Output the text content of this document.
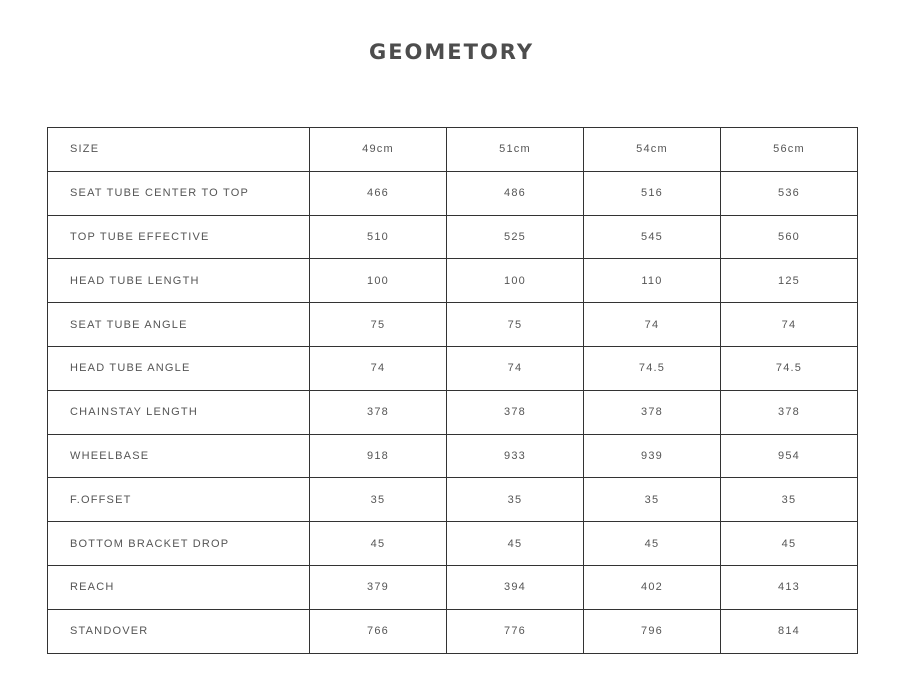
GEOMETORY
SIZE	49cm	51cm	54cm	56cm
SEAT TUBE CENTER TO TOP	466	486	516	536
TOP TUBE EFFECTIVE	510	525	545	560
HEAD TUBE LENGTH	100	100	110	125
SEAT TUBE ANGLE	75	75	74	74
HEAD TUBE ANGLE	74	74	74.5	74.5
CHAINSTAY LENGTH	378	378	378	378
WHEELBASE	918	933	939	954
F.OFFSET	35	35	35	35
BOTTOM BRACKET DROP	45	45	45	45
REACH	379	394	402	413
STANDOVER	766	776	796	814
